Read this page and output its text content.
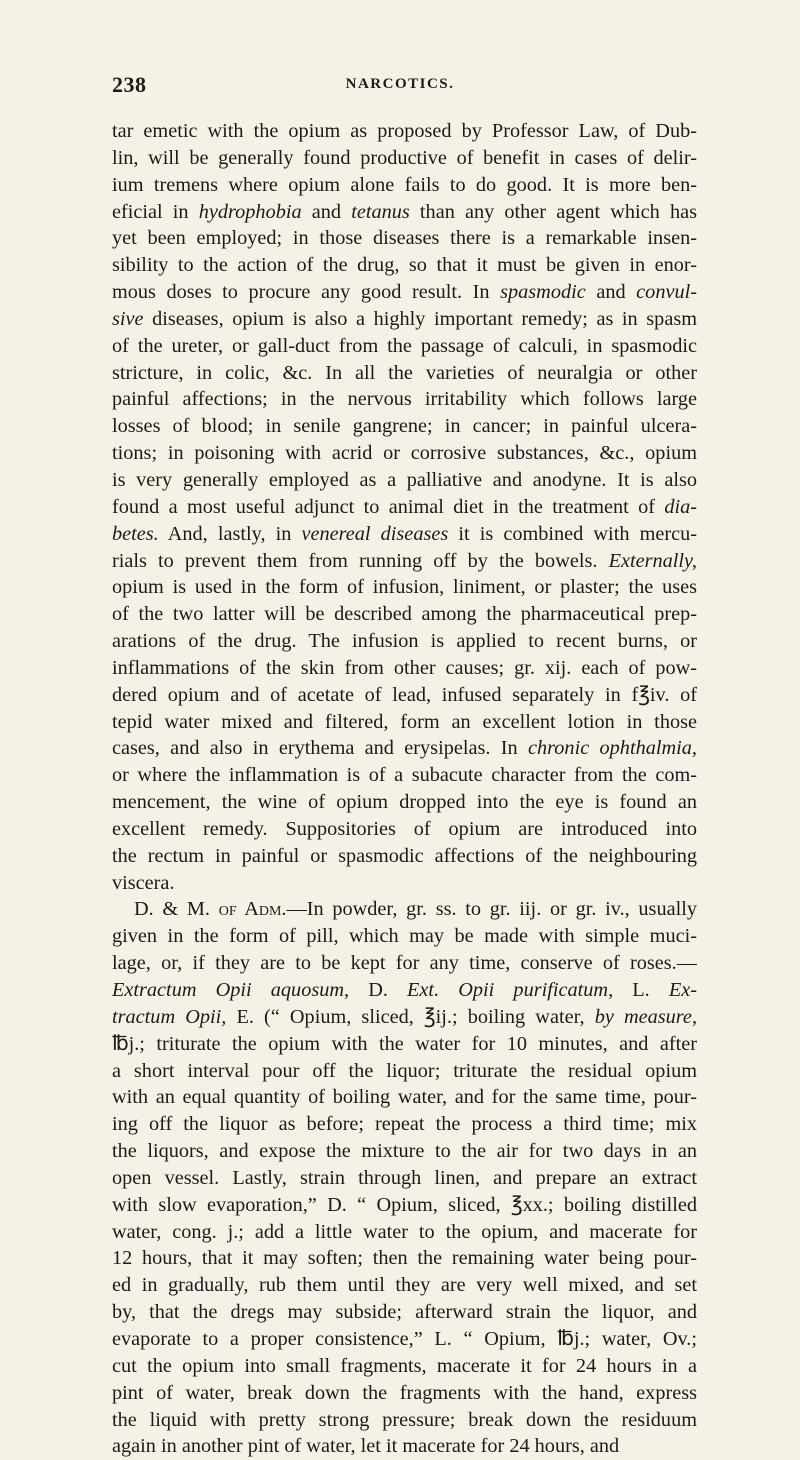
238	NARCOTICS.
tar emetic with the opium as proposed by Professor Law, of Dub-
lin, will be generally found productive of benefit in cases of delir-
ium tremens where opium alone fails to do good. It is more ben-
eficial in hydrophobia and tetanus than any other agent which has
yet been employed; in those diseases there is a remarkable insen-
sibility to the action of the drug, so that it must be given in enor-
mous doses to procure any good result. In spasmodic and convul-
sive diseases, opium is also a highly important remedy; as in spasm
of the ureter, or gall-duct from the passage of calculi, in spasmodic
stricture, in colic, &c. In all the varieties of neuralgia or other
painful affections; in the nervous irritability which follows large
losses of blood; in senile gangrene; in cancer; in painful ulcera-
tions; in poisoning with acrid or corrosive substances, &c., opium
is very generally employed as a palliative and anodyne. It is also
found a most useful adjunct to animal diet in the treatment of dia-
betes. And, lastly, in venereal diseases it is combined with mercu-
rials to prevent them from running off by the bowels. Externally,
opium is used in the form of infusion, liniment, or plaster; the uses
of the two latter will be described among the pharmaceutical prep-
arations of the drug. The infusion is applied to recent burns, or
inflammations of the skin from other causes; gr. xij. each of pow-
dered opium and of acetate of lead, infused separately in f℥iv. of
tepid water mixed and filtered, form an excellent lotion in those
cases, and also in erythema and erysipelas. In chronic ophthalmia,
or where the inflammation is of a subacute character from the com-
mencement, the wine of opium dropped into the eye is found an
excellent remedy. Suppositories of opium are introduced into
the rectum in painful or spasmodic affections of the neighbouring
viscera.
D. & M. of Adm.—In powder, gr. ss. to gr. iij. or gr. iv., usually
given in the form of pill, which may be made with simple muci-
lage, or, if they are to be kept for any time, conserve of roses.—
Extractum Opii aquosum, D. Ext. Opii purificatum, L. Ex-
tractum Opii, E. (“ Opium, sliced, ℥ij.; boiling water, by measure,
℔j.; triturate the opium with the water for 10 minutes, and after
a short interval pour off the liquor; triturate the residual opium
with an equal quantity of boiling water, and for the same time, pour-
ing off the liquor as before; repeat the process a third time; mix
the liquors, and expose the mixture to the air for two days in an
open vessel. Lastly, strain through linen, and prepare an extract
with slow evaporation,” D. “ Opium, sliced, ℥xx.; boiling distilled
water, cong. j.; add a little water to the opium, and macerate for
12 hours, that it may soften; then the remaining water being pour-
ed in gradually, rub them until they are very well mixed, and set
by, that the dregs may subside; afterward strain the liquor, and
evaporate to a proper consistence,” L. “ Opium, ℔j.; water, Ov.;
cut the opium into small fragments, macerate it for 24 hours in a
pint of water, break down the fragments with the hand, express
the liquid with pretty strong pressure; break down the residuum
again in another pint of water, let it macerate for 24 hours, and
